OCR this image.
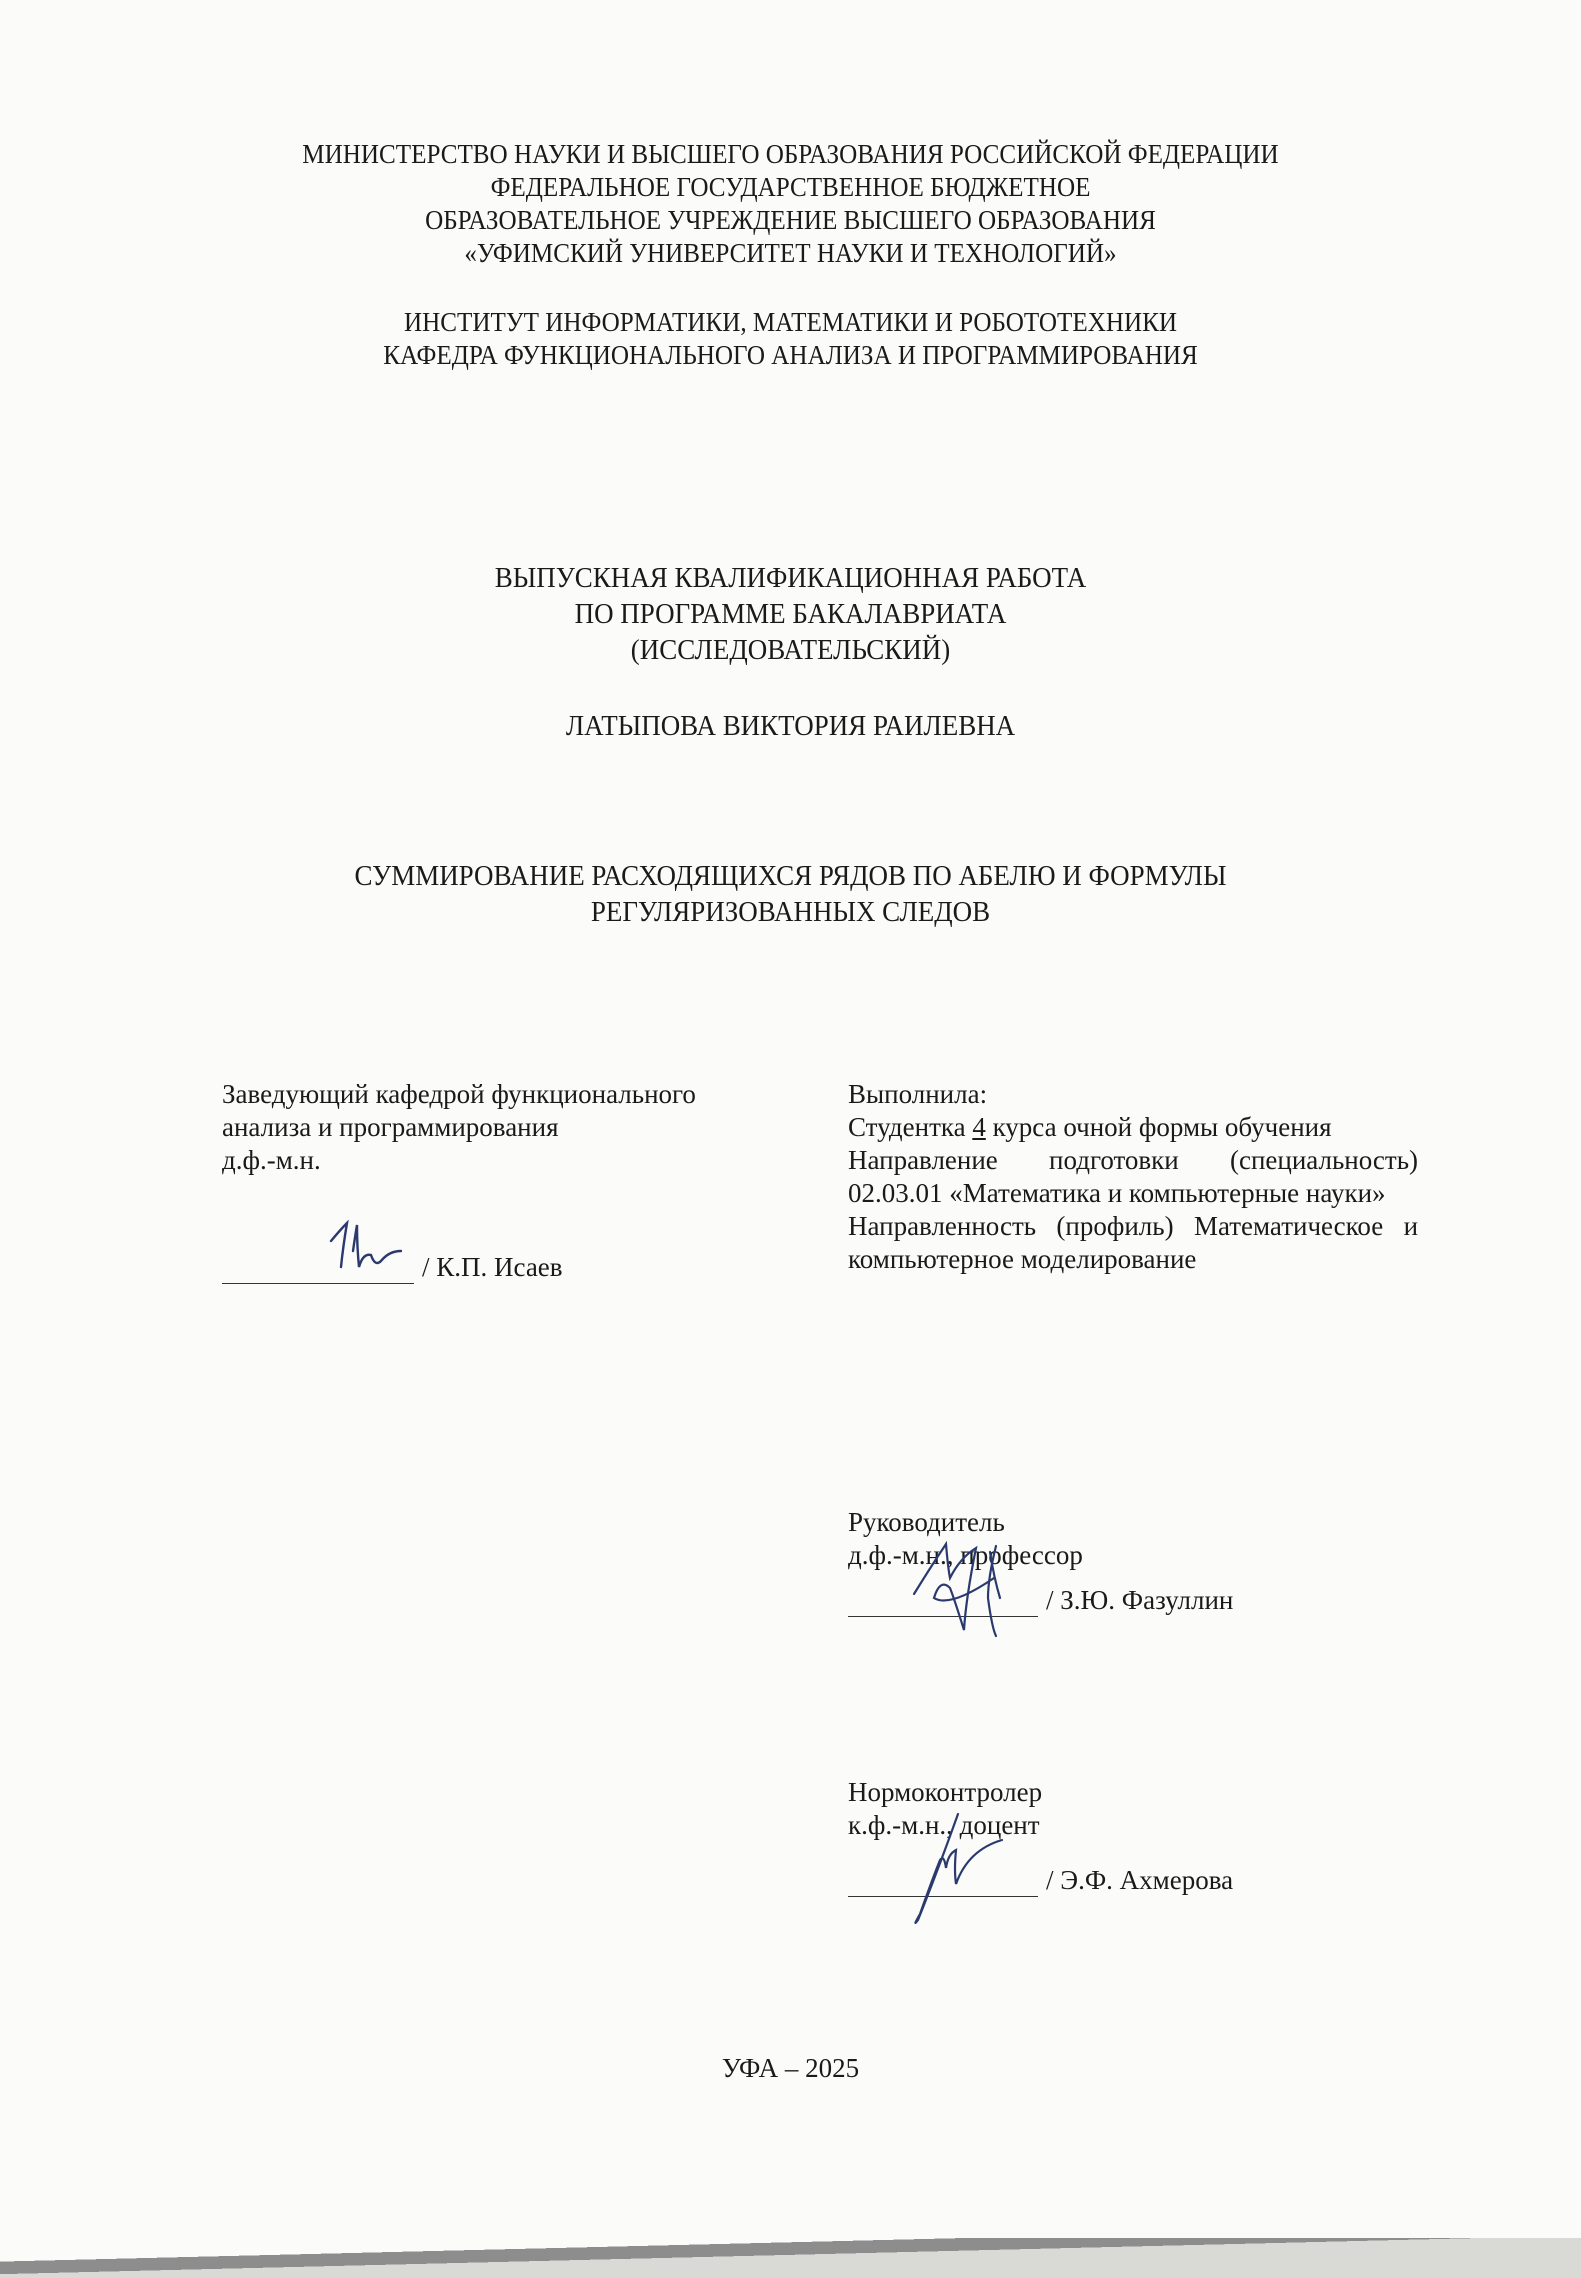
МИНИСТЕРСТВО НАУКИ И ВЫСШЕГО ОБРАЗОВАНИЯ РОССИЙСКОЙ ФЕДЕРАЦИИ
ФЕДЕРАЛЬНОЕ ГОСУДАРСТВЕННОЕ БЮДЖЕТНОЕ
ОБРАЗОВАТЕЛЬНОЕ УЧРЕЖДЕНИЕ ВЫСШЕГО ОБРАЗОВАНИЯ
«УФИМСКИЙ УНИВЕРСИТЕТ НАУКИ И ТЕХНОЛОГИЙ»
ИНСТИТУТ ИНФОРМАТИКИ, МАТЕМАТИКИ И РОБОТОТЕХНИКИ
КАФЕДРА ФУНКЦИОНАЛЬНОГО АНАЛИЗА И ПРОГРАММИРОВАНИЯ
ВЫПУСКНАЯ КВАЛИФИКАЦИОННАЯ РАБОТА
ПО ПРОГРАММЕ БАКАЛАВРИАТА
(ИССЛЕДОВАТЕЛЬСКИЙ)
ЛАТЫПОВА ВИКТОРИЯ РАИЛЕВНА
СУММИРОВАНИЕ РАСХОДЯЩИХСЯ РЯДОВ ПО АБЕЛЮ И ФОРМУЛЫ
РЕГУЛЯРИЗОВАННЫХ СЛЕДОВ
Заведующий кафедрой функционального
анализа и программирования
д.ф.-м.н.
/ К.П. Исаев
Выполнила:
Студентка 4 курса очной формы обучения
Направление подготовки (специальность)
02.03.01 «Математика и компьютерные науки»
Направленность (профиль) Математическое и
компьютерное моделирование
Руководитель
д.ф.-м.н., профессор
/ З.Ю. Фазуллин
Нормоконтролер
к.ф.-м.н., доцент
/ Э.Ф. Ахмерова
УФА – 2025
